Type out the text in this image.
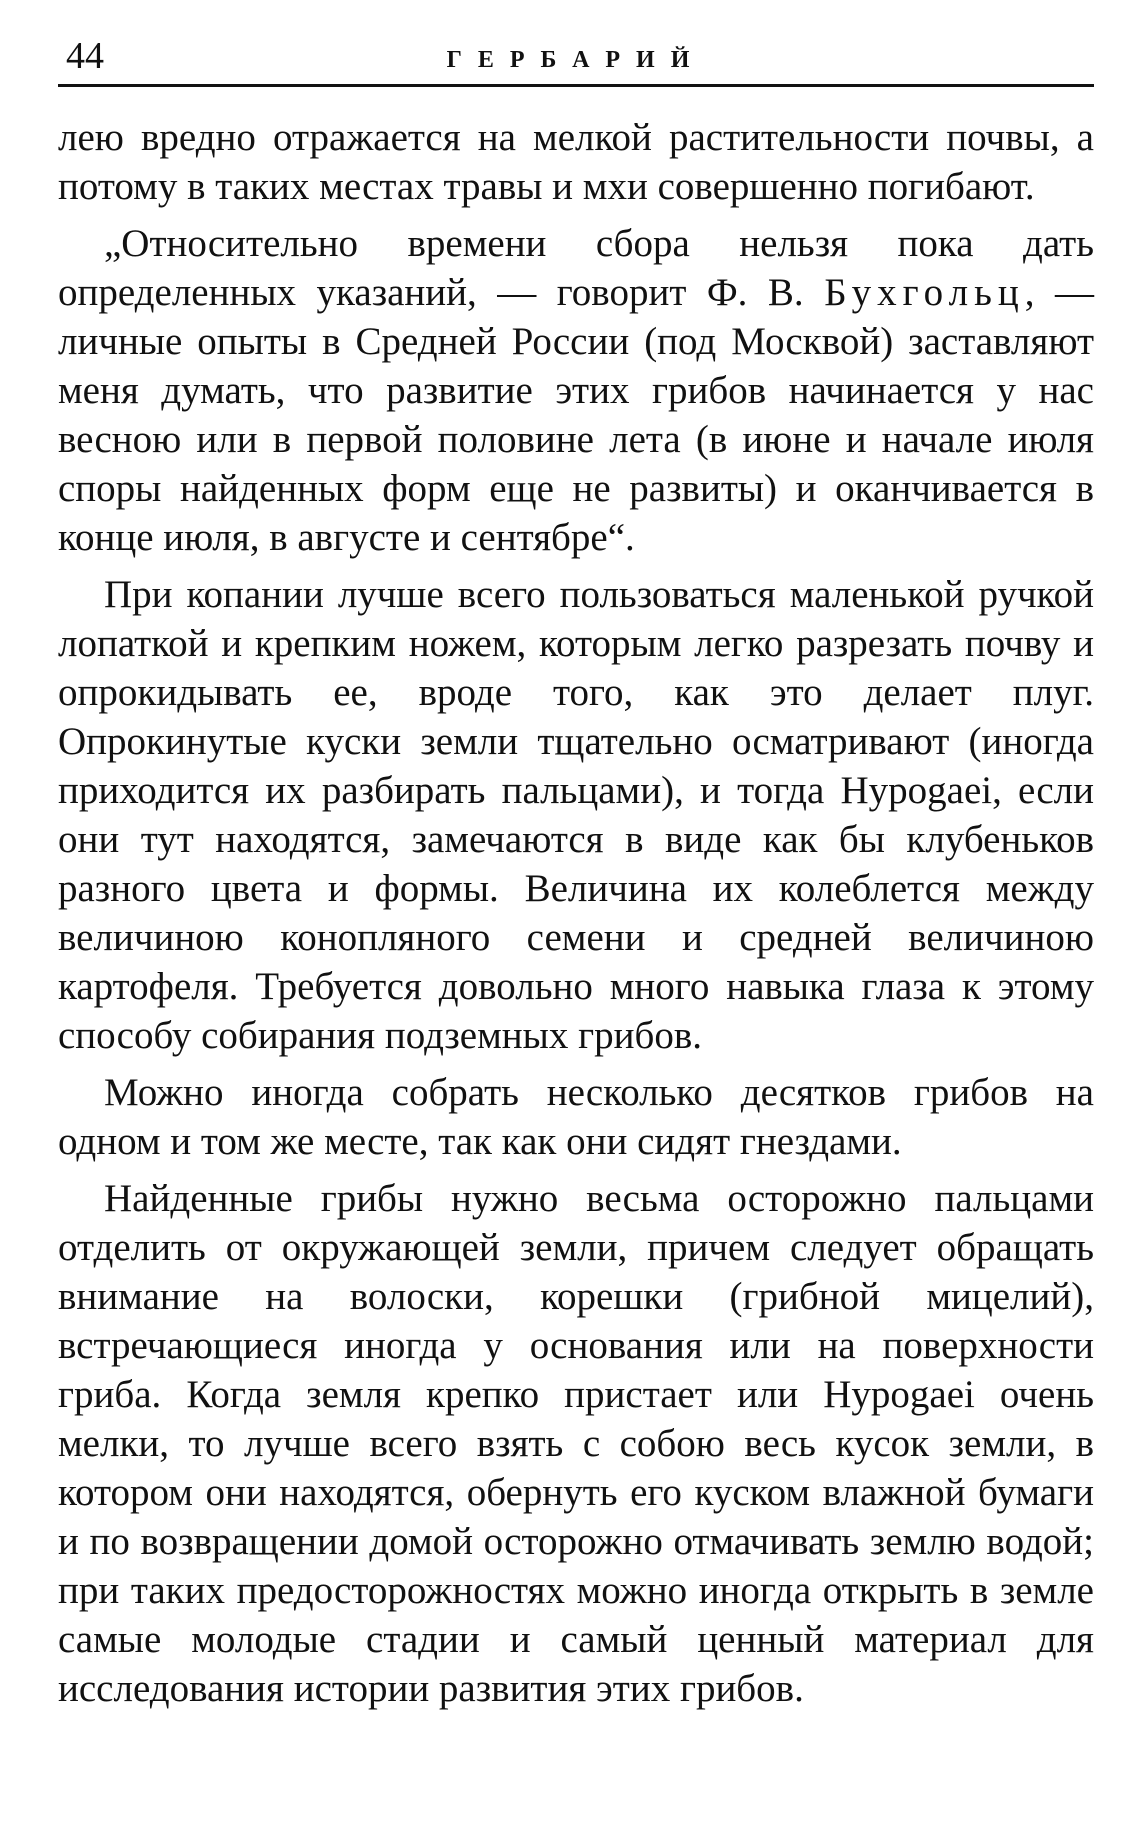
44	ГЕРБАРИЙ

лею вредно отражается на мелкой растительности почвы, а потому в таких местах травы и мхи совершенно погибают.

„Относительно времени сбора нельзя пока дать определенных указаний, — говорит Ф. В. Бухгольц, — личные опыты в Средней России (под Москвой) заставляют меня думать, что развитие этих грибов начинается у нас весною или в первой половине лета (в июне и начале июля споры найденных форм еще не развиты) и оканчивается в конце июля, в августе и сентябре“.

При копании лучше всего пользоваться маленькой ручкой лопаткой и крепким ножем, которым легко разрезать почву и опрокидывать ее, вроде того, как это делает плуг. Опрокинутые куски земли тщательно осматривают (иногда приходится их разбирать пальцами), и тогда Hypogaei, если они тут находятся, замечаются в виде как бы клубеньков разного цвета и формы. Величина их колеблется между величиною конопляного семени и средней величиною картофеля. Требуется довольно много навыка глаза к этому способу собирания подземных грибов.

Можно иногда собрать несколько десятков грибов на одном и том же месте, так как они сидят гнездами.

Найденные грибы нужно весьма осторожно пальцами отделить от окружающей земли, причем следует обращать внимание на волоски, корешки (грибной мицелий), встречающиеся иногда у основания или на поверхности гриба. Когда земля крепко пристает или Hypogaei очень мелки, то лучше всего взять с собою весь кусок земли, в котором они находятся, обернуть его куском влажной бумаги и по возвращении домой осторожно отмачивать землю водой; при таких предосторожностях можно иногда открыть в земле самые молодые стадии и самый ценный материал для исследования истории развития этих грибов.
